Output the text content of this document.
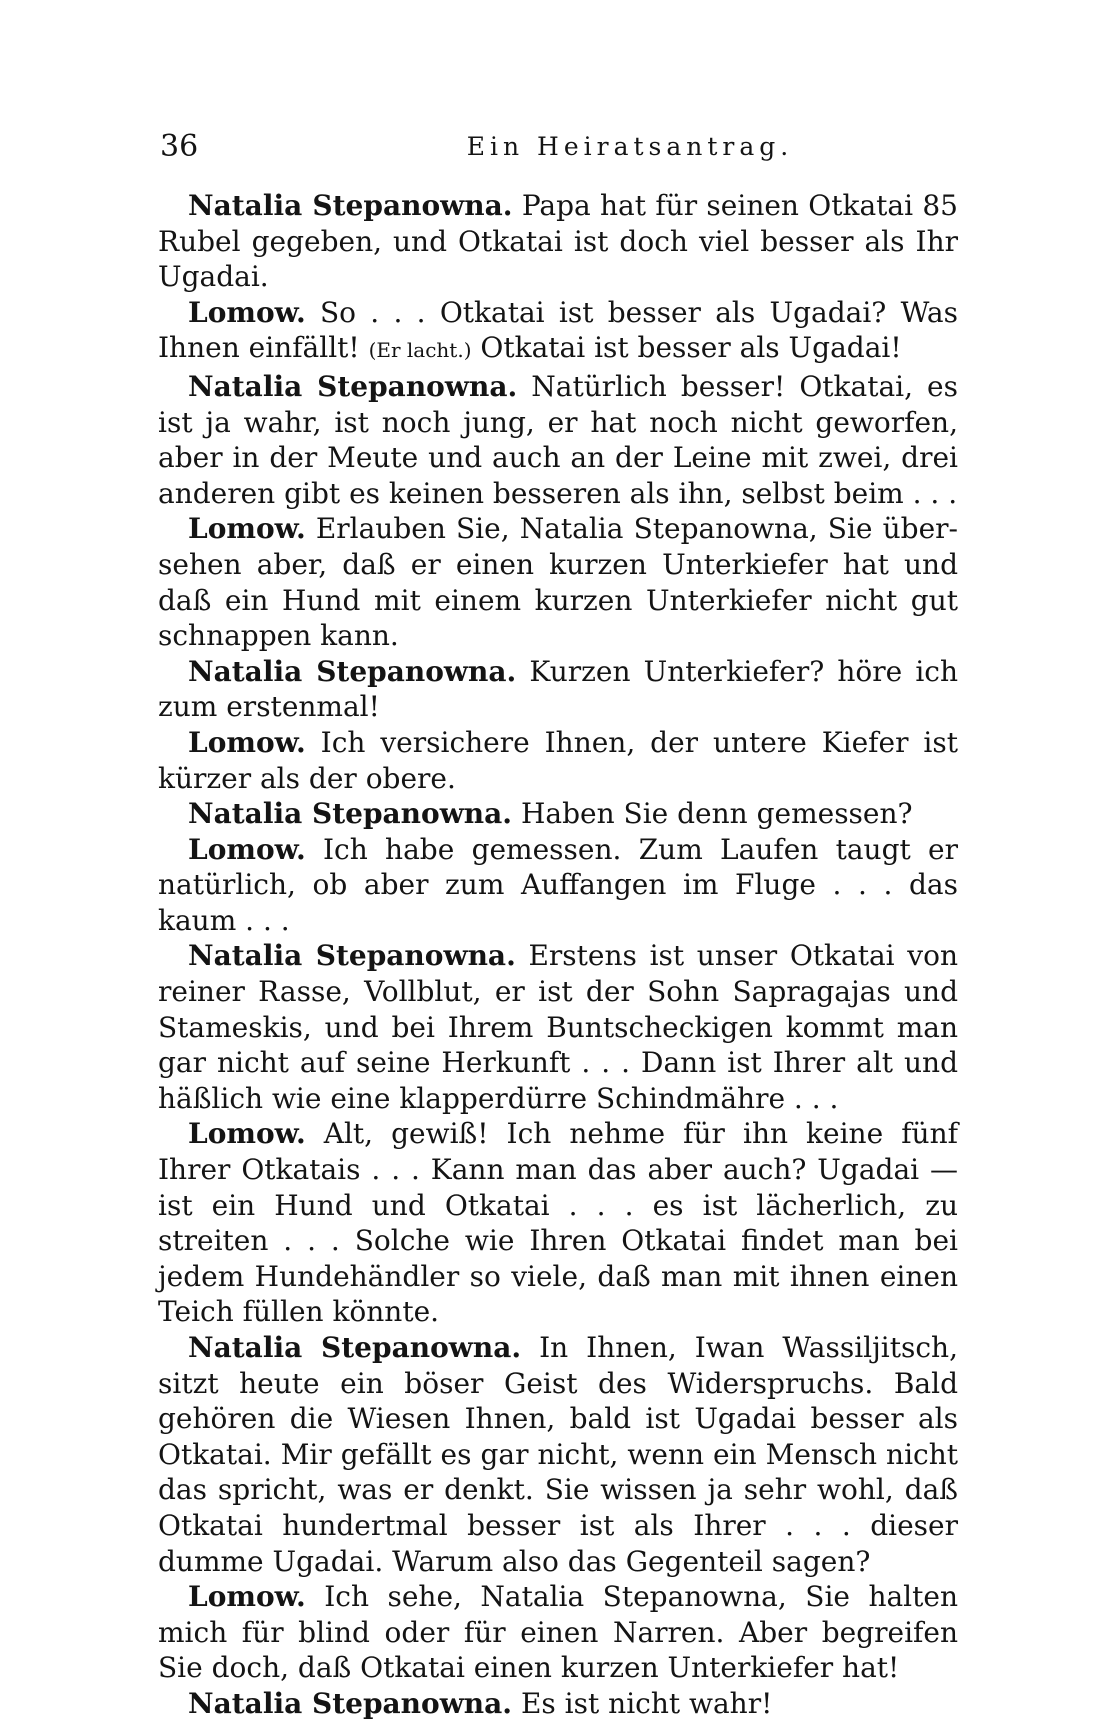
36	Ein Heiratsantrag.

Natalia Stepanowna. Papa hat für seinen Otkatai 85 Rubel gegeben, und Otkatai ist doch viel besser als Ihr Ugadai.

Lomow. So . . . Otkatai ist besser als Ugadai? Was Ihnen einfällt! (Er lacht.) Otkatai ist besser als Ugadai!

Natalia Stepanowna. Natürlich besser! Otkatai, es ist ja wahr, ist noch jung, er hat noch nicht geworfen, aber in der Meute und auch an der Leine mit zwei, drei anderen gibt es keinen besseren als ihn, selbst beim . . .

Lomow. Erlauben Sie, Natalia Stepanowna, Sie übersehen aber, daß er einen kurzen Unterkiefer hat und daß ein Hund mit einem kurzen Unterkiefer nicht gut schnappen kann.

Natalia Stepanowna. Kurzen Unterkiefer? höre ich zum erstenmal!

Lomow. Ich versichere Ihnen, der untere Kiefer ist kürzer als der obere.

Natalia Stepanowna. Haben Sie denn gemessen?

Lomow. Ich habe gemessen. Zum Laufen taugt er natürlich, ob aber zum Auffangen im Fluge . . . das kaum . . .

Natalia Stepanowna. Erstens ist unser Otkatai von reiner Rasse, Vollblut, er ist der Sohn Sapragajas und Stameskis, und bei Ihrem Buntscheckigen kommt man gar nicht auf seine Herkunft . . . Dann ist Ihrer alt und häßlich wie eine klapperdürre Schindmähre . . .

Lomow. Alt, gewiß! Ich nehme für ihn keine fünf Ihrer Otkatais . . . Kann man das aber auch? Ugadai — ist ein Hund und Otkatai . . . es ist lächerlich, zu streiten . . . Solche wie Ihren Otkatai findet man bei jedem Hundehändler so viele, daß man mit ihnen einen Teich füllen könnte.

Natalia Stepanowna. In Ihnen, Iwan Wassiljitsch, sitzt heute ein böser Geist des Widerspruchs. Bald gehören die Wiesen Ihnen, bald ist Ugadai besser als Otkatai. Mir gefällt es gar nicht, wenn ein Mensch nicht das spricht, was er denkt. Sie wissen ja sehr wohl, daß Otkatai hundertmal besser ist als Ihrer . . . dieser dumme Ugadai. Warum also das Gegenteil sagen?

Lomow. Ich sehe, Natalia Stepanowna, Sie halten mich für blind oder für einen Narren. Aber begreifen Sie doch, daß Otkatai einen kurzen Unterkiefer hat!

Natalia Stepanowna. Es ist nicht wahr!
